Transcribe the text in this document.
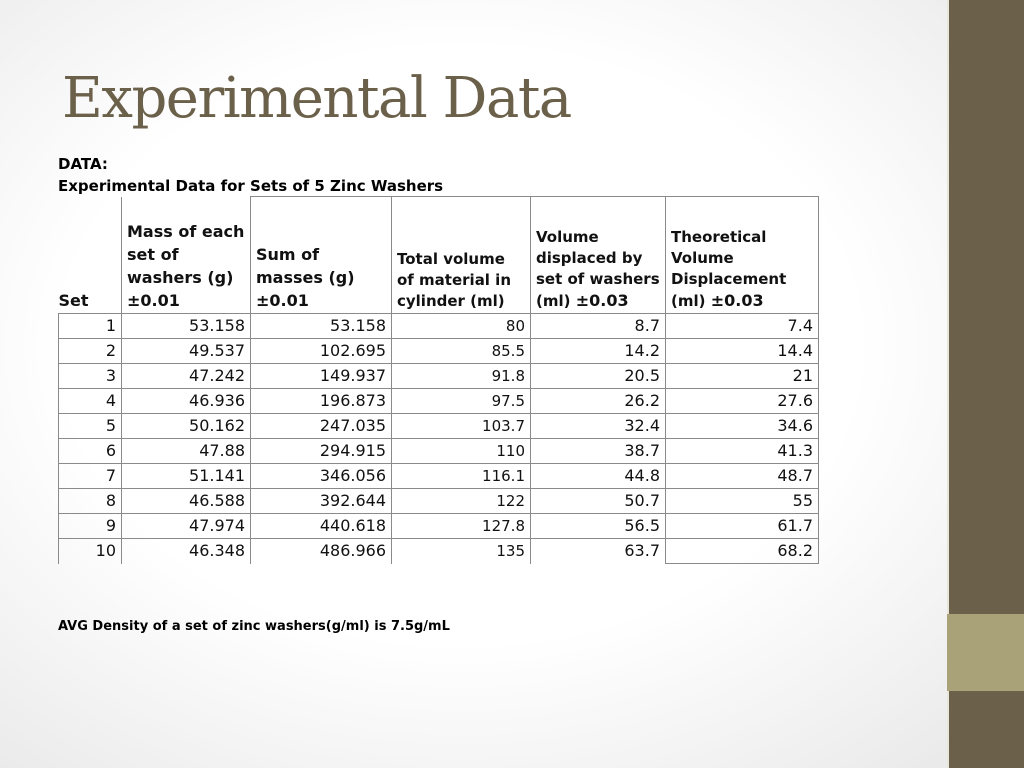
Experimental Data
DATA:
Experimental Data for Sets of 5 Zinc Washers
Set	Mass of each set of washers (g) ±0.01	Sum of masses (g) ±0.01	Total volume of material in cylinder (ml)	Volume displaced by set of washers (ml) ±0.03	Theoretical Volume Displacement (ml) ±0.03
1	53.158	53.158	80	8.7	7.4
2	49.537	102.695	85.5	14.2	14.4
3	47.242	149.937	91.8	20.5	21
4	46.936	196.873	97.5	26.2	27.6
5	50.162	247.035	103.7	32.4	34.6
6	47.88	294.915	110	38.7	41.3
7	51.141	346.056	116.1	44.8	48.7
8	46.588	392.644	122	50.7	55
9	47.974	440.618	127.8	56.5	61.7
10	46.348	486.966	135	63.7	68.2
AVG Density of a set of zinc washers(g/ml) is 7.5g/mL
